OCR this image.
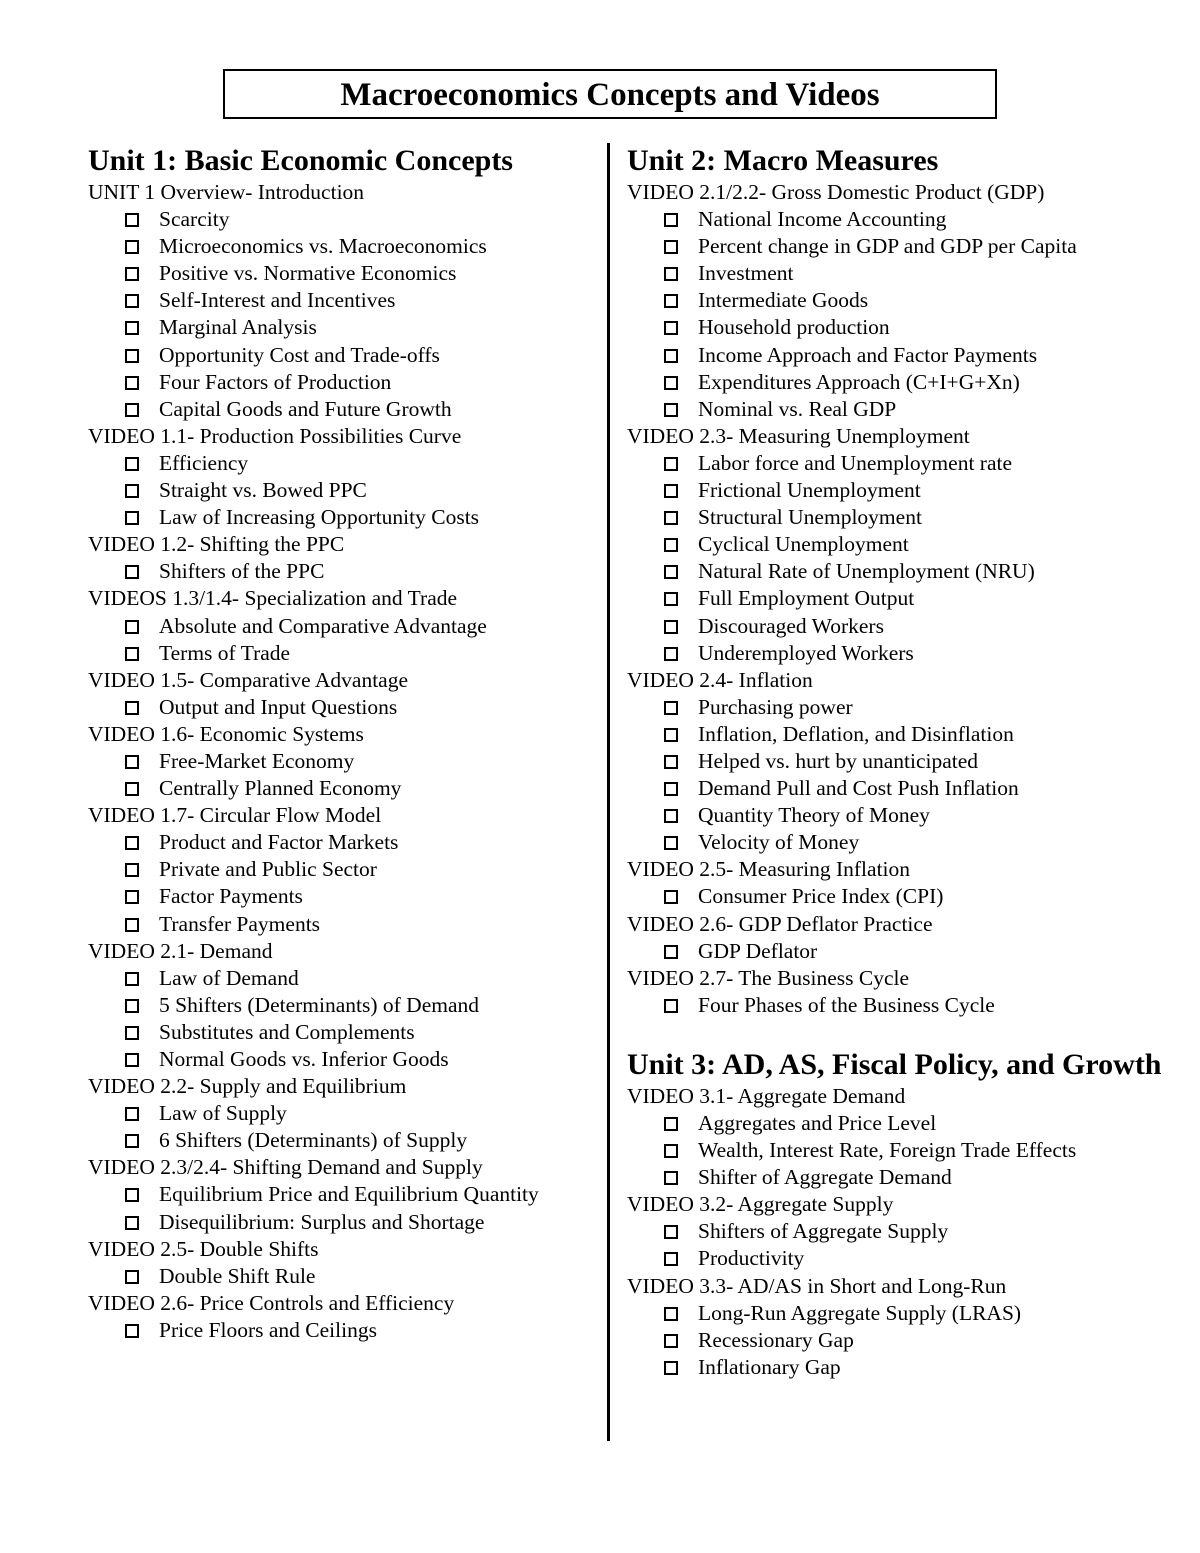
Macroeconomics Concepts and Videos
Unit 1: Basic Economic Concepts
UNIT 1 Overview- Introduction
Scarcity
Microeconomics vs. Macroeconomics
Positive vs. Normative Economics
Self-Interest and Incentives
Marginal Analysis
Opportunity Cost and Trade-offs
Four Factors of Production
Capital Goods and Future Growth
VIDEO 1.1- Production Possibilities Curve
Efficiency
Straight vs. Bowed PPC
Law of Increasing Opportunity Costs
VIDEO 1.2- Shifting the PPC
Shifters of the PPC
VIDEOS 1.3/1.4- Specialization and Trade
Absolute and Comparative Advantage
Terms of Trade
VIDEO 1.5- Comparative Advantage
Output and Input Questions
VIDEO 1.6- Economic Systems
Free-Market Economy
Centrally Planned Economy
VIDEO 1.7- Circular Flow Model
Product and Factor Markets
Private and Public Sector
Factor Payments
Transfer Payments
VIDEO 2.1- Demand
Law of Demand
5 Shifters (Determinants) of Demand
Substitutes and Complements
Normal Goods vs. Inferior Goods
VIDEO 2.2- Supply and Equilibrium
Law of Supply
6 Shifters (Determinants) of Supply
VIDEO 2.3/2.4- Shifting Demand and Supply
Equilibrium Price and Equilibrium Quantity
Disequilibrium: Surplus and Shortage
VIDEO 2.5- Double Shifts
Double Shift Rule
VIDEO 2.6- Price Controls and Efficiency
Price Floors and Ceilings
Unit 2: Macro Measures
VIDEO 2.1/2.2- Gross Domestic Product (GDP)
National Income Accounting
Percent change in GDP and GDP per Capita
Investment
Intermediate Goods
Household production
Income Approach and Factor Payments
Expenditures Approach (C+I+G+Xn)
Nominal vs. Real GDP
VIDEO 2.3- Measuring Unemployment
Labor force and Unemployment rate
Frictional Unemployment
Structural Unemployment
Cyclical Unemployment
Natural Rate of Unemployment (NRU)
Full Employment Output
Discouraged Workers
Underemployed Workers
VIDEO 2.4- Inflation
Purchasing power
Inflation, Deflation, and Disinflation
Helped vs. hurt by unanticipated
Demand Pull and Cost Push Inflation
Quantity Theory of Money
Velocity of Money
VIDEO 2.5- Measuring Inflation
Consumer Price Index (CPI)
VIDEO 2.6- GDP Deflator Practice
GDP Deflator
VIDEO 2.7- The Business Cycle
Four Phases of the Business Cycle
Unit 3: AD, AS, Fiscal Policy, and Growth
VIDEO 3.1- Aggregate Demand
Aggregates and Price Level
Wealth, Interest Rate, Foreign Trade Effects
Shifter of Aggregate Demand
VIDEO 3.2- Aggregate Supply
Shifters of Aggregate Supply
Productivity
VIDEO 3.3- AD/AS in Short and Long-Run
Long-Run Aggregate Supply (LRAS)
Recessionary Gap
Inflationary Gap
